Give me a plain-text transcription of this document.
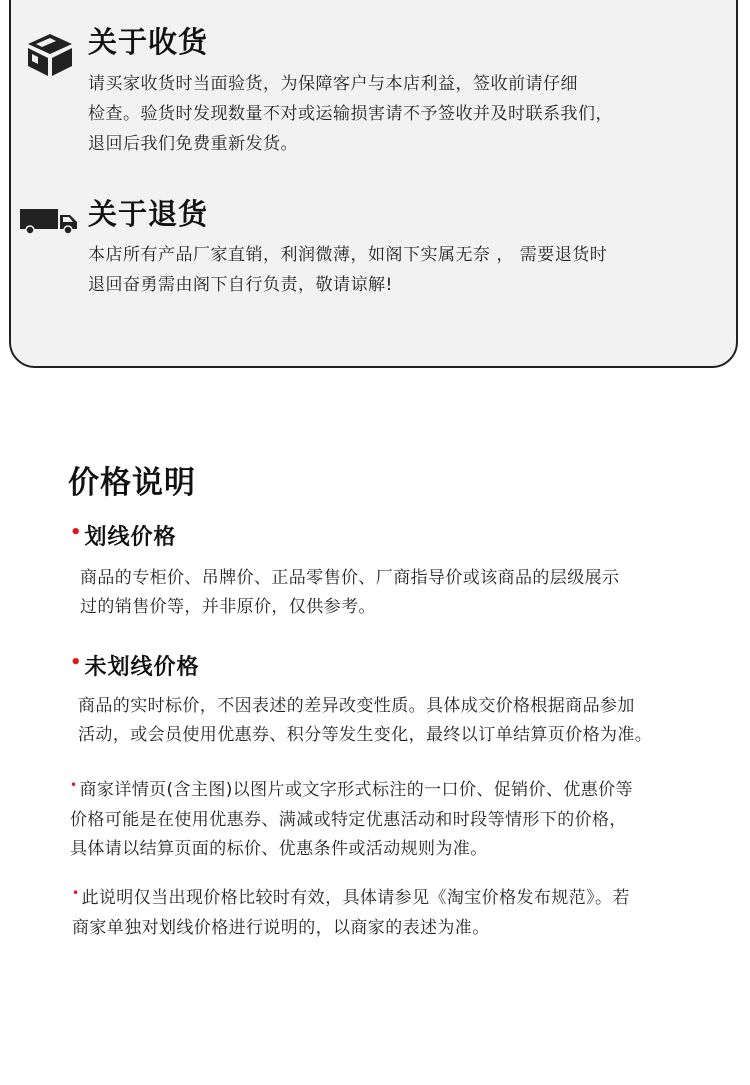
关于收货
请买家收货时当面验货，为保障客户与本店利益，签收前请仔细
检查。验货时发现数量不对或运输损害请不予签收并及时联系我们，
退回后我们免费重新发货。
关于退货
本店所有产品厂家直销，利润微薄，如阁下实属无奈 ， 需要退货时
退回奋勇需由阁下自行负责，敬请谅解!
价格说明
•划线价格
商品的专柜价、吊牌价、正品零售价、厂商指导价或该商品的层级展示
过的销售价等，并非原价，仅供参考。
•未划线价格
商品的实时标价，不因表述的差异改变性质。具体成交价格根据商品参加
活动，或会员使用优惠券、积分等发生变化，最终以订单结算页价格为准。
• 商家详情页(含主图)以图片或文字形式标注的一口价、促销价、优惠价等
价格可能是在使用优惠券、满减或特定优惠活动和时段等情形下的价格，
具体请以结算页面的标价、优惠条件或活动规则为准。
• 此说明仅当出现价格比较时有效，具体请参见《淘宝价格发布规范》。若
商家单独对划线价格进行说明的，以商家的表述为准。
